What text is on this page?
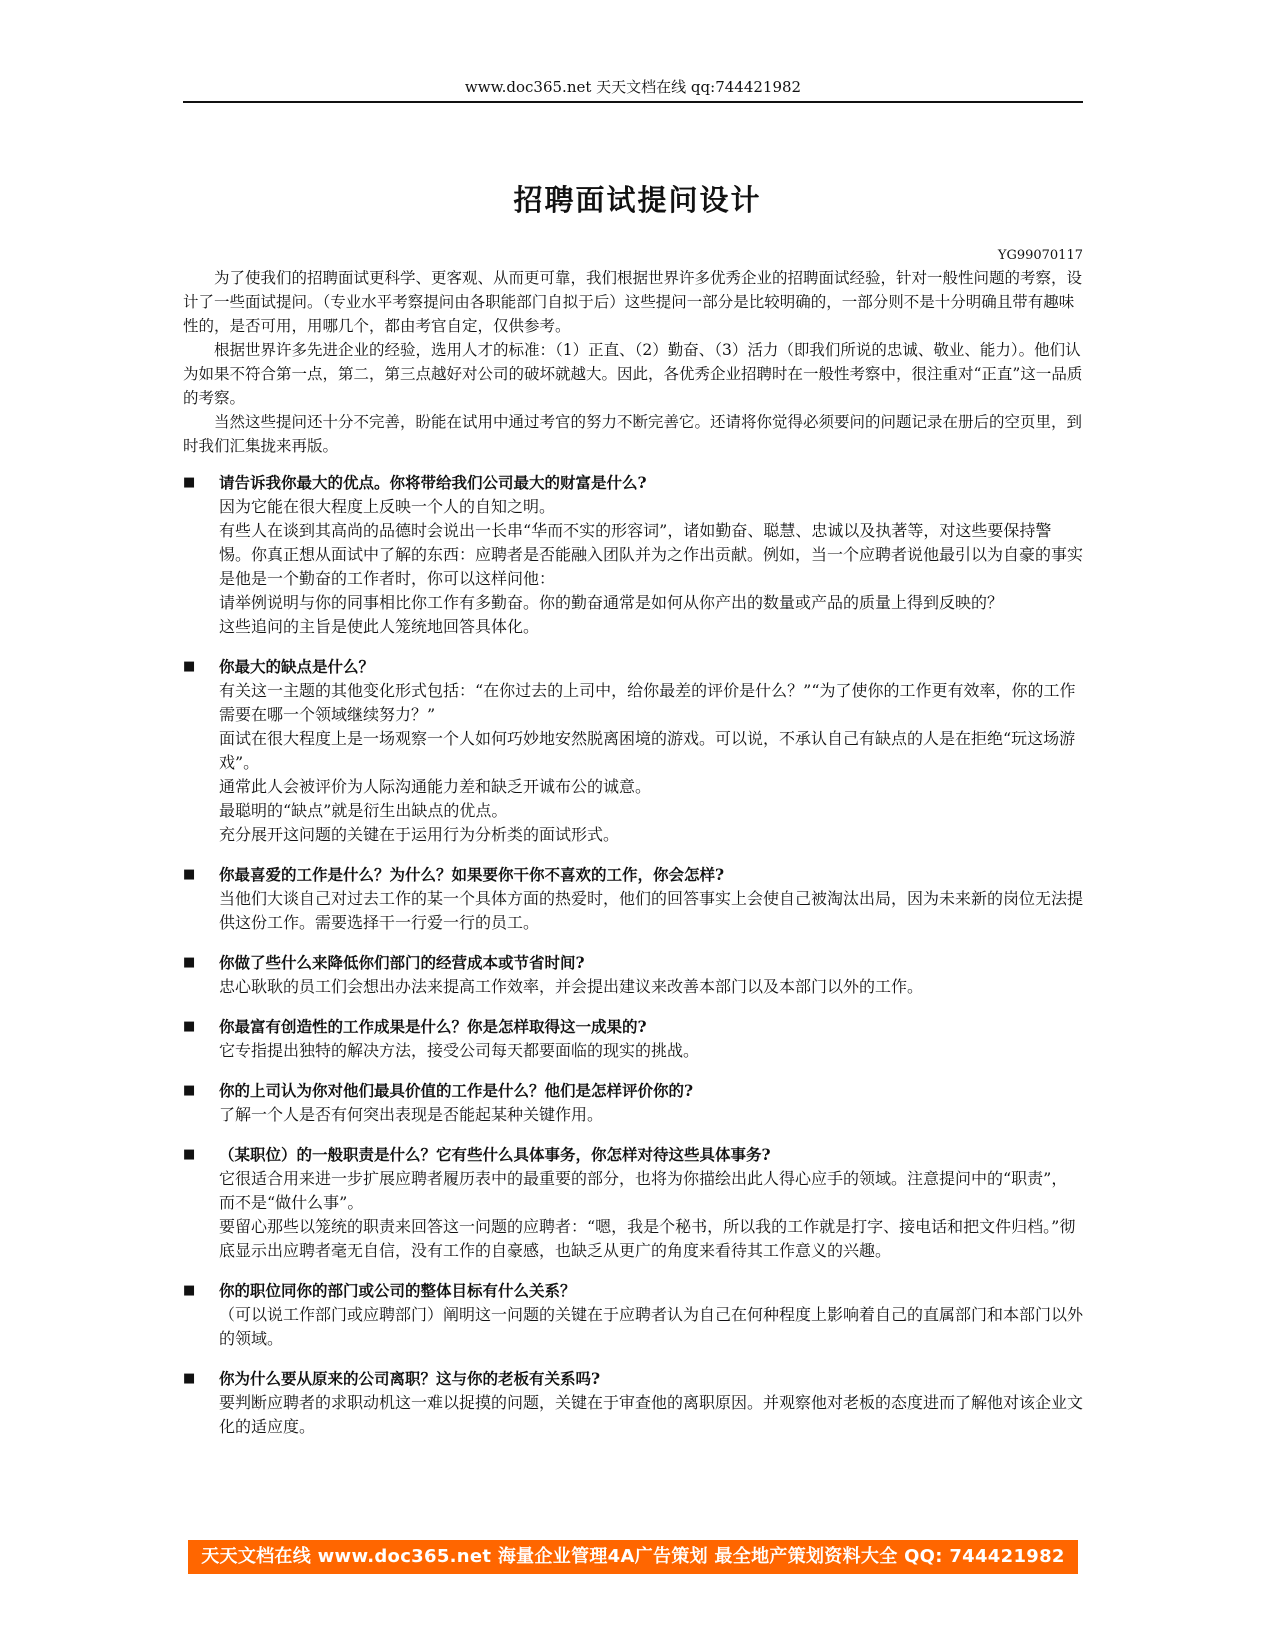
www.doc365.net 天天文档在线 qq:744421982
招聘面试提问设计
YG99070117

为了使我们的招聘面试更科学、更客观、从而更可靠，我们根据世界许多优秀企业的招聘面试经验，针对一般性问题的考察，设计了一些面试提问。（专业水平考察提问由各职能部门自拟于后）这些提问一部分是比较明确的，一部分则不是十分明确且带有趣味性的，是否可用，用哪几个，都由考官自定，仅供参考。

根据世界许多先进企业的经验，选用人才的标准：（1）正直、（2）勤奋、（3）活力（即我们所说的忠诚、敬业、能力）。他们认为如果不符合第一点，第二，第三点越好对公司的破坏就越大。因此，各优秀企业招聘时在一般性考察中，很注重对“正直”这一品质的考察。

当然这些提问还十分不完善，盼能在试用中通过考官的努力不断完善它。还请将你觉得必须要问的问题记录在册后的空页里，到时我们汇集拢来再版。

■	请告诉我你最大的优点。你将带给我们公司最大的财富是什么?

因为它能在很大程度上反映一个人的自知之明。

有些人在谈到其高尚的品德时会说出一长串“华而不实的形容词”，诸如勤奋、聪慧、忠诚以及执著等，对这些要保持警惕。你真正想从面试中了解的东西：应聘者是否能融入团队并为之作出贡献。例如，当一个应聘者说他最引以为自豪的事实是他是一个勤奋的工作者时，你可以这样问他：

请举例说明与你的同事相比你工作有多勤奋。你的勤奋通常是如何从你产出的数量或产品的质量上得到反映的？

这些追问的主旨是使此人笼统地回答具体化。

■	你最大的缺点是什么？

有关这一主题的其他变化形式包括：“在你过去的上司中，给你最差的评价是什么？”“为了使你的工作更有效率，你的工作需要在哪一个领域继续努力？”

面试在很大程度上是一场观察一个人如何巧妙地安然脱离困境的游戏。可以说，不承认自己有缺点的人是在拒绝“玩这场游戏”。

通常此人会被评价为人际沟通能力差和缺乏开诚布公的诚意。

最聪明的“缺点”就是衍生出缺点的优点。

充分展开这问题的关键在于运用行为分析类的面试形式。

■	你最喜爱的工作是什么？为什么？如果要你干你不喜欢的工作，你会怎样?

当他们大谈自己对过去工作的某一个具体方面的热爱时，他们的回答事实上会使自己被淘汰出局，因为未来新的岗位无法提供这份工作。需要选择干一行爱一行的员工。

■	你做了些什么来降低你们部门的经营成本或节省时间?

忠心耿耿的员工们会想出办法来提高工作效率，并会提出建议来改善本部门以及本部门以外的工作。

■	你最富有创造性的工作成果是什么？你是怎样取得这一成果的?

它专指提出独特的解决方法，接受公司每天都要面临的现实的挑战。

■	你的上司认为你对他们最具价值的工作是什么？他们是怎样评价你的?

了解一个人是否有何突出表现是否能起某种关键作用。

■	（某职位）的一般职责是什么？它有些什么具体事务，你怎样对待这些具体事务?

它很适合用来进一步扩展应聘者履历表中的最重要的部分，也将为你描绘出此人得心应手的领域。注意提问中的“职责”，而不是“做什么事”。

要留心那些以笼统的职责来回答这一问题的应聘者：“嗯，我是个秘书，所以我的工作就是打字、接电话和把文件归档。”彻底显示出应聘者毫无自信，没有工作的自豪感，也缺乏从更广的角度来看待其工作意义的兴趣。

■	你的职位同你的部门或公司的整体目标有什么关系？

（可以说工作部门或应聘部门）阐明这一问题的关键在于应聘者认为自己在何种程度上影响着自己的直属部门和本部门以外的领域。

■	你为什么要从原来的公司离职？这与你的老板有关系吗?

要判断应聘者的求职动机这一难以捉摸的问题，关键在于审查他的离职原因。并观察他对老板的态度进而了解他对该企业文化的适应度。

天天文档在线 www.doc365.net 海量企业管理4A广告策划 最全地产策划资料大全 QQ: 744421982
